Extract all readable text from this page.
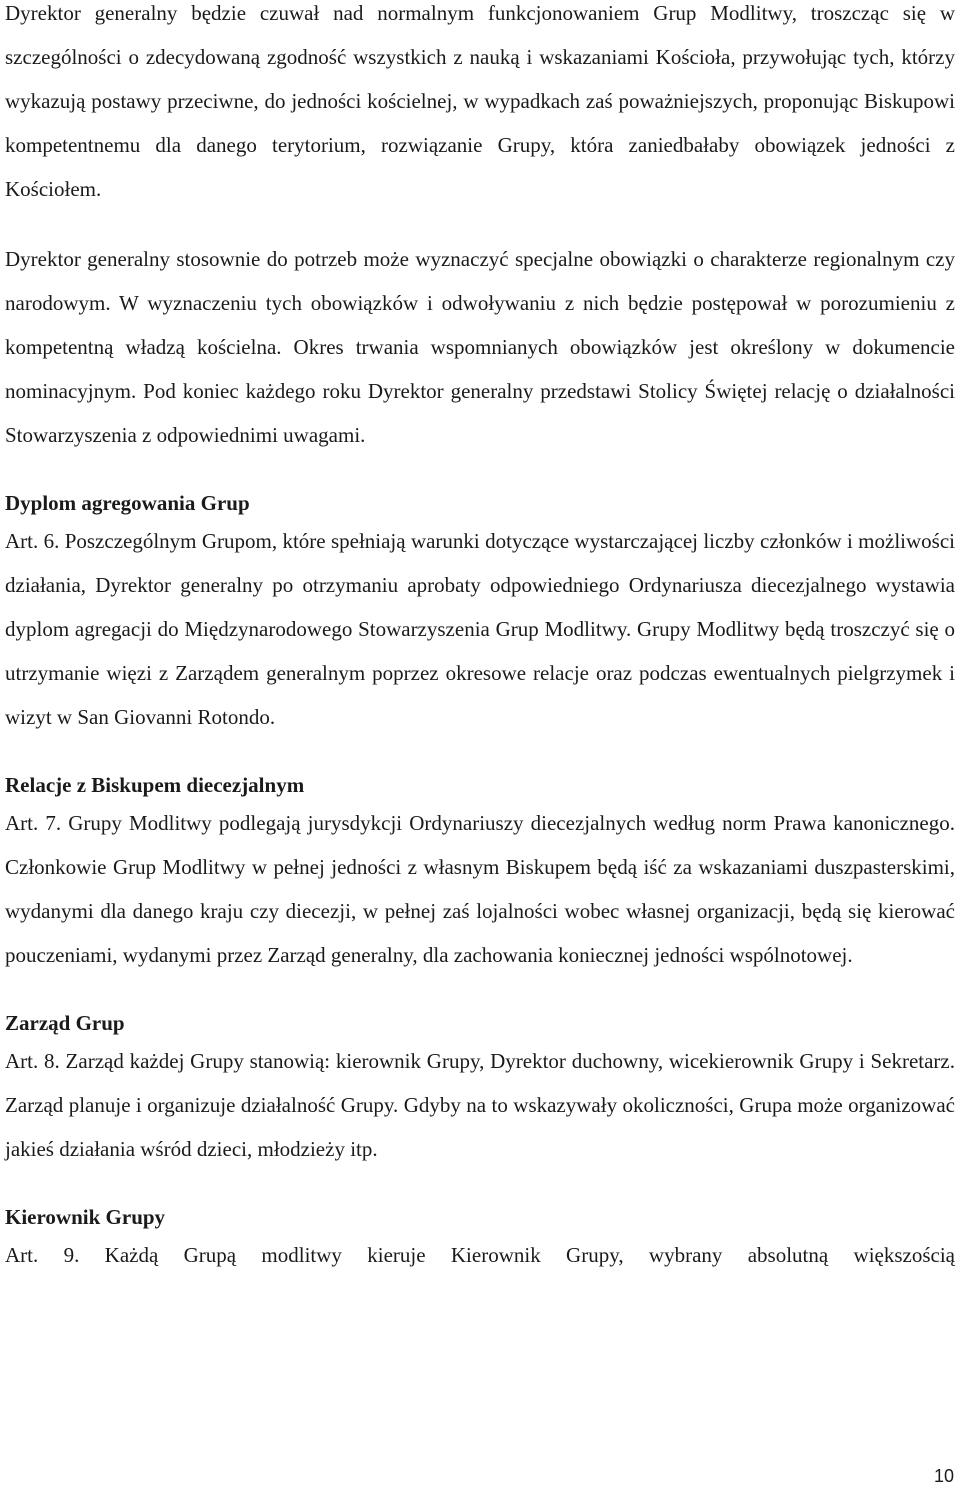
Dyrektor generalny będzie czuwał nad normalnym funkcjonowaniem Grup Modlitwy, troszcząc się w szczególności o zdecydowaną zgodność wszystkich z nauką i wskazaniami Kościoła, przywołując tych, którzy wykazują postawy przeciwne, do jedności kościelnej, w wypadkach zaś poważniejszych, proponując Biskupowi kompetentnemu dla danego terytorium, rozwiązanie Grupy, która zaniedbałaby obowiązek jedności z Kościołem.

Dyrektor generalny stosownie do potrzeb może wyznaczyć specjalne obowiązki o charakterze regionalnym czy narodowym. W wyznaczeniu tych obowiązków i odwoływaniu z nich będzie postępował w porozumieniu z kompetentną władzą kościelna. Okres trwania wspomnianych obowiązków jest określony w dokumencie nominacyjnym. Pod koniec każdego roku Dyrektor generalny przedstawi Stolicy Świętej relację o działalności Stowarzyszenia z odpowiednimi uwagami.

Dyplom agregowania Grup

Art. 6. Poszczególnym Grupom, które spełniają warunki dotyczące wystarczającej liczby członków i możliwości działania, Dyrektor generalny po otrzymaniu aprobaty odpowiedniego Ordynariusza diecezjalnego wystawia dyplom agregacji do Międzynarodowego Stowarzyszenia Grup Modlitwy. Grupy Modlitwy będą troszczyć się o utrzymanie więzi z Zarządem generalnym poprzez okresowe relacje oraz podczas ewentualnych pielgrzymek i wizyt w San Giovanni Rotondo.

Relacje z Biskupem diecezjalnym

Art. 7. Grupy Modlitwy podlegają jurysdykcji Ordynariuszy diecezjalnych według norm Prawa kanonicznego. Członkowie Grup Modlitwy w pełnej jedności z własnym Biskupem będą iść za wskazaniami duszpasterskimi, wydanymi dla danego kraju czy diecezji, w pełnej zaś lojalności wobec własnej organizacji, będą się kierować pouczeniami, wydanymi przez Zarząd generalny, dla zachowania koniecznej jedności wspólnotowej.

Zarząd Grup

Art. 8. Zarząd każdej Grupy stanowią: kierownik Grupy, Dyrektor duchowny, wicekierownik Grupy i Sekretarz. Zarząd planuje i organizuje działalność Grupy. Gdyby na to wskazywały okoliczności, Grupa może organizować jakieś działania wśród dzieci, młodzieży itp.

Kierownik Grupy

Art. 9. Każdą Grupą modlitwy kieruje Kierownik Grupy, wybrany absolutną większością

10
